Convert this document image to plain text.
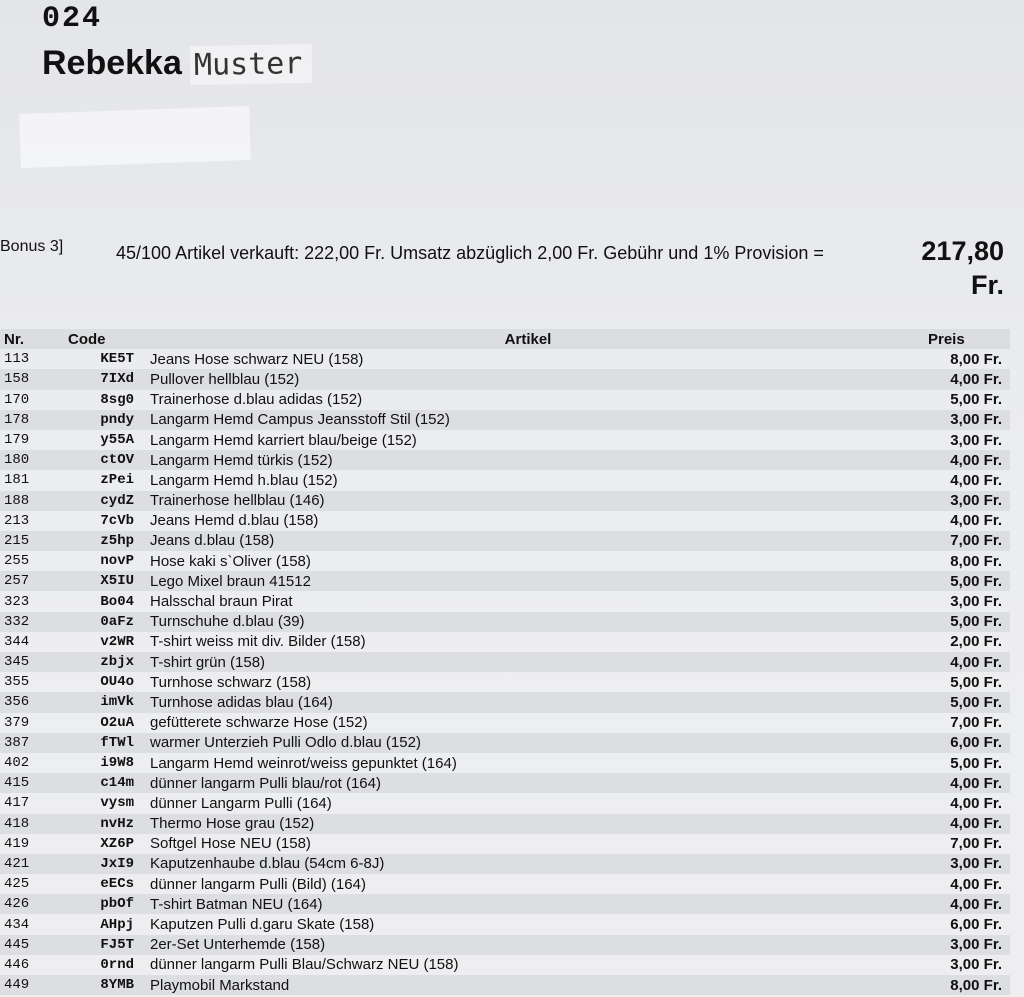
024
Rebekka Muster
Bonus 3]	45/100 Artikel verkauft: 222,00 Fr. Umsatz abzüglich 2,00 Fr. Gebühr und 1% Provision =	217,80 Fr.
Nr.	Code	Artikel	Preis
113	KE5T	Jeans Hose schwarz NEU (158)	8,00 Fr.
158	7IXd	Pullover hellblau (152)	4,00 Fr.
170	8sg0	Trainerhose d.blau adidas (152)	5,00 Fr.
178	pndy	Langarm Hemd Campus Jeansstoff Stil (152)	3,00 Fr.
179	y55A	Langarm Hemd karriert blau/beige (152)	3,00 Fr.
180	ctOV	Langarm Hemd türkis (152)	4,00 Fr.
181	zPei	Langarm Hemd h.blau (152)	4,00 Fr.
188	cydZ	Trainerhose hellblau (146)	3,00 Fr.
213	7cVb	Jeans Hemd d.blau (158)	4,00 Fr.
215	z5hp	Jeans d.blau (158)	7,00 Fr.
255	novP	Hose kaki s`Oliver (158)	8,00 Fr.
257	X5IU	Lego Mixel braun 41512	5,00 Fr.
323	Bo04	Halsschal braun Pirat	3,00 Fr.
332	0aFz	Turnschuhe d.blau (39)	5,00 Fr.
344	v2WR	T-shirt weiss mit div. Bilder (158)	2,00 Fr.
345	zbjx	T-shirt grün (158)	4,00 Fr.
355	OU4o	Turnhose schwarz (158)	5,00 Fr.
356	imVk	Turnhose adidas blau (164)	5,00 Fr.
379	O2uA	gefütterete schwarze Hose (152)	7,00 Fr.
387	fTWl	warmer Unterzieh Pulli Odlo d.blau (152)	6,00 Fr.
402	i9W8	Langarm Hemd weinrot/weiss gepunktet (164)	5,00 Fr.
415	c14m	dünner langarm Pulli blau/rot (164)	4,00 Fr.
417	vysm	dünner Langarm Pulli (164)	4,00 Fr.
418	nvHz	Thermo Hose grau (152)	4,00 Fr.
419	XZ6P	Softgel Hose NEU (158)	7,00 Fr.
421	JxI9	Kaputzenhaube d.blau (54cm 6-8J)	3,00 Fr.
425	eECs	dünner langarm Pulli (Bild) (164)	4,00 Fr.
426	pbOf	T-shirt Batman NEU (164)	4,00 Fr.
434	AHpj	Kaputzen Pulli d.garu Skate (158)	6,00 Fr.
445	FJ5T	2er-Set Unterhemde (158)	3,00 Fr.
446	0rnd	dünner langarm Pulli Blau/Schwarz NEU (158)	3,00 Fr.
449	8YMB	Playmobil Markstand	8,00 Fr.
